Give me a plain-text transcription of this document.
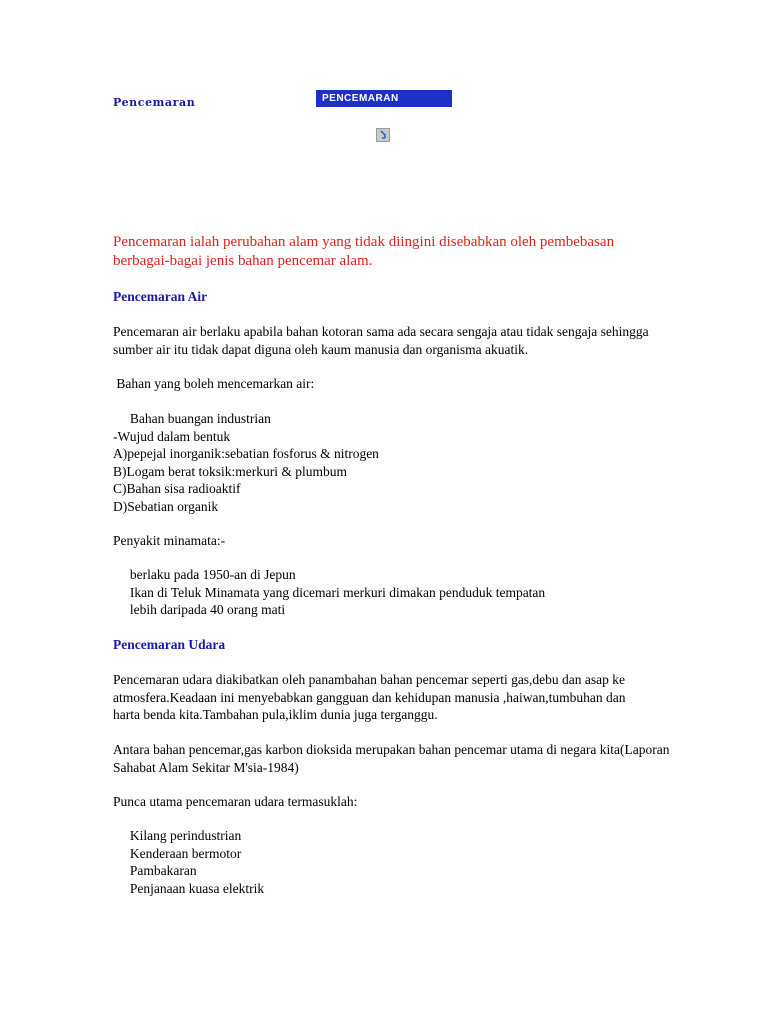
Pencemaran	PENCEMARAN
Pencemaran ialah perubahan alam yang tidak diingini disebabkan oleh pembebasan berbagai-bagai jenis bahan pencemar alam.
Pencemaran Air
Pencemaran air berlaku apabila bahan kotoran sama ada secara sengaja atau tidak sengaja sehingga sumber air itu tidak dapat diguna oleh kaum manusia dan organisma akuatik.
Bahan yang boleh mencemarkan air:
Bahan buangan industrian
-Wujud dalam bentuk
A)pepejal inorganik:sebatian fosforus & nitrogen
B)Logam berat toksik:merkuri & plumbum
C)Bahan sisa radioaktif
D)Sebatian organik
Penyakit minamata:-
berlaku pada 1950-an di Jepun
Ikan di Teluk Minamata yang dicemari merkuri dimakan penduduk tempatan
lebih daripada 40 orang mati
Pencemaran Udara
Pencemaran udara diakibatkan oleh panambahan bahan pencemar seperti gas,debu dan asap ke atmosfera.Keadaan ini menyebabkan gangguan dan kehidupan manusia ,haiwan,tumbuhan dan harta benda kita.Tambahan pula,iklim dunia juga terganggu.
Antara bahan pencemar,gas karbon dioksida merupakan bahan pencemar utama di negara kita(Laporan Sahabat Alam Sekitar M'sia-1984)
Punca utama pencemaran udara termasuklah:
Kilang perindustrian
Kenderaan bermotor
Pambakaran
Penjanaan kuasa elektrik
